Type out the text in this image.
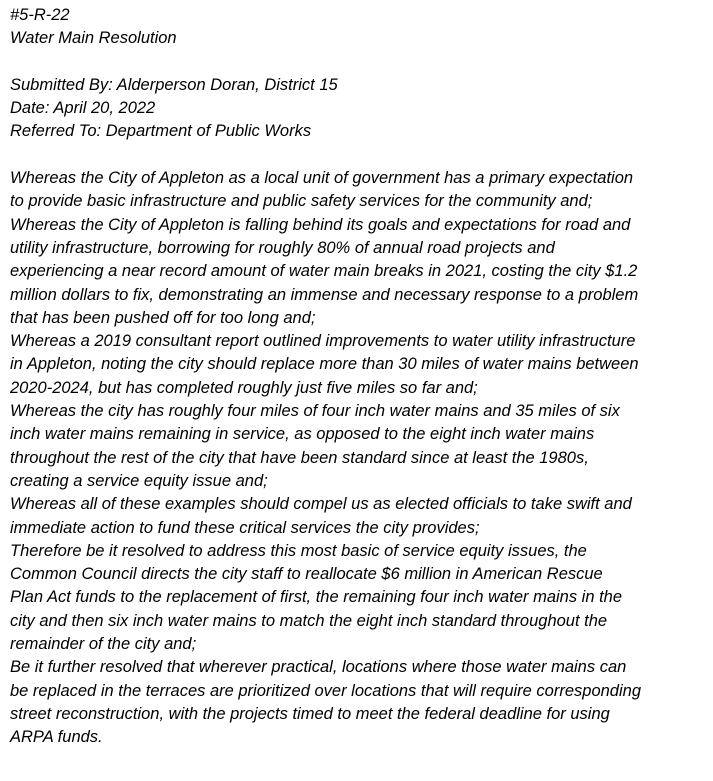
#5-R-22
Water Main Resolution
Submitted By: Alderperson Doran, District 15
Date: April 20, 2022
Referred To: Department of Public Works
Whereas the City of Appleton as a local unit of government has a primary expectation
to provide basic infrastructure and public safety services for the community and;
Whereas the City of Appleton is falling behind its goals and expectations for road and
utility infrastructure, borrowing for roughly 80% of annual road projects and
experiencing a near record amount of water main breaks in 2021, costing the city $1.2
million dollars to fix, demonstrating an immense and necessary response to a problem
that has been pushed off for too long and;
Whereas a 2019 consultant report outlined improvements to water utility infrastructure
in Appleton, noting the city should replace more than 30 miles of water mains between
2020-2024, but has completed roughly just five miles so far and;
Whereas the city has roughly four miles of four inch water mains and 35 miles of six
inch water mains remaining in service, as opposed to the eight inch water mains
throughout the rest of the city that have been standard since at least the 1980s,
creating a service equity issue and;
Whereas all of these examples should compel us as elected officials to take swift and
immediate action to fund these critical services the city provides;
Therefore be it resolved to address this most basic of service equity issues, the
Common Council directs the city staff to reallocate $6 million in American Rescue
Plan Act funds to the replacement of first, the remaining four inch water mains in the
city and then six inch water mains to match the eight inch standard throughout the
remainder of the city and;
Be it further resolved that wherever practical, locations where those water mains can
be replaced in the terraces are prioritized over locations that will require corresponding
street reconstruction, with the projects timed to meet the federal deadline for using
ARPA funds.
